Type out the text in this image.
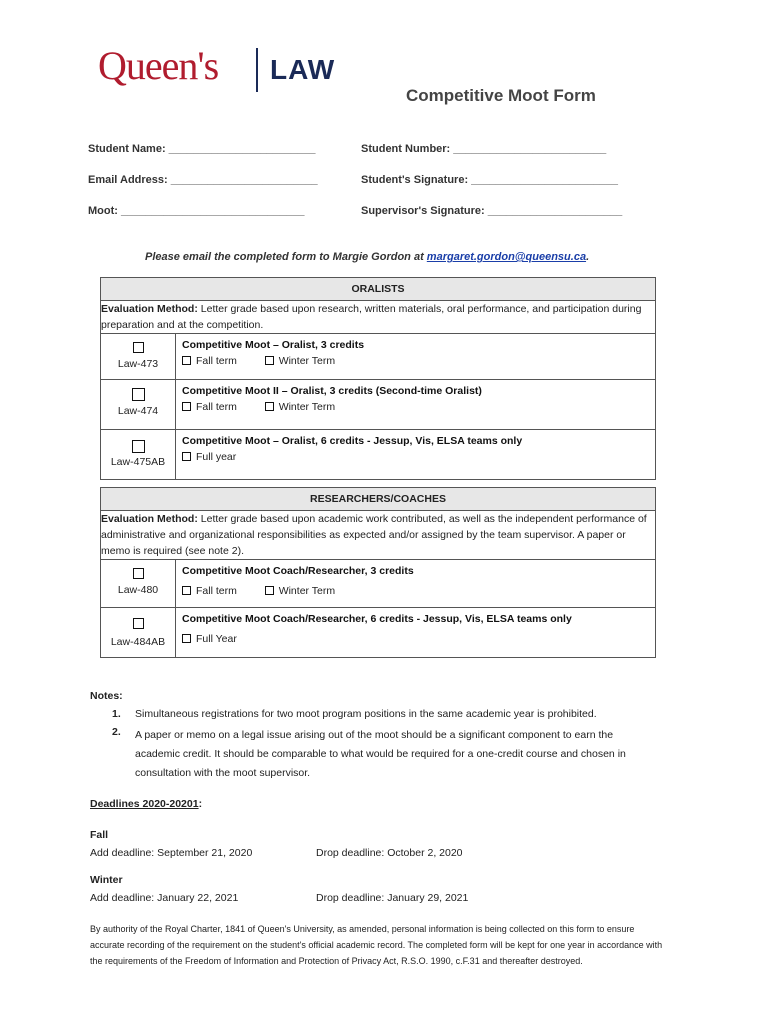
Queen's LAW
Competitive Moot Form
Student Name: ________________________	Student Number: _________________________
Email Address: ________________________	Student's Signature: ________________________
Moot: ______________________________	Supervisor's Signature: ______________________
Please email the completed form to Margie Gordon at margaret.gordon@queensu.ca.
ORALISTS	
Evaluation Method: Letter grade based upon research, written materials, oral performance, and participation during preparation and at the competition.	

Law-473	Competitive Moot – Oralist, 3 credits
Fall term Winter Term

Law-474	Competitive Moot II – Oralist, 3 credits (Second-time Oralist)
Fall term Winter Term

Law-475AB	Competitive Moot – Oralist, 6 credits - Jessup, Vis, ELSA teams only
Full year
RESEARCHERS/COACHES	
Evaluation Method: Letter grade based upon academic work contributed, as well as the independent performance of administrative and organizational responsibilities as expected and/or assigned by the team supervisor. A paper or memo is required (see note 2).	

Law-480	Competitive Moot Coach/Researcher, 3 credits
Fall term Winter Term

Law-484AB	Competitive Moot Coach/Researcher, 6 credits - Jessup, Vis, ELSA teams only
Full Year
Notes:
1. Simultaneous registrations for two moot program positions in the same academic year is prohibited.
2. A paper or memo on a legal issue arising out of the moot should be a significant component to earn the academic credit. It should be comparable to what would be required for a one-credit course and chosen in consultation with the moot supervisor.
Deadlines 2020-20201:
Fall
Add deadline: September 21, 2020	Drop deadline: October 2, 2020
Winter
Add deadline: January 22, 2021	Drop deadline: January 29, 2021
By authority of the Royal Charter, 1841 of Queen's University, as amended, personal information is being collected on this form to ensure accurate recording of the requirement on the student's official academic record. The completed form will be kept for one year in accordance with the requirements of the Freedom of Information and Protection of Privacy Act, R.S.O. 1990, c.F.31 and thereafter destroyed.
